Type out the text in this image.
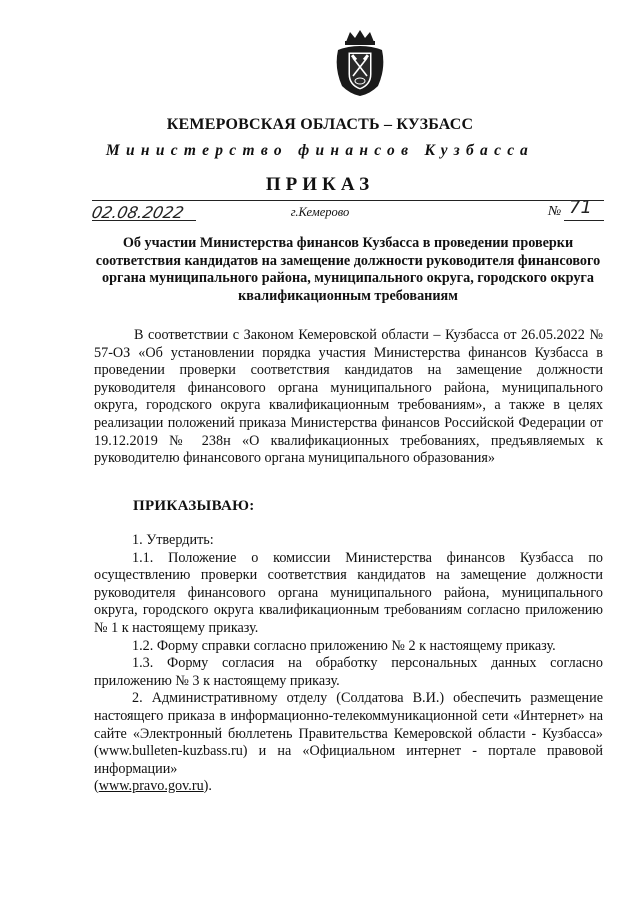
КЕМЕРОВСКАЯ ОБЛАСТЬ – КУЗБАСС
Министерство финансов Кузбасса
ПРИКАЗ
02.08.2022	г.Кемерово	№ 71
Об участии Министерства финансов Кузбасса в проведении проверки соответствия кандидатов на замещение должности руководителя финансового органа муниципального района, муниципального округа, городского округа квалификационным требованиям
В соответствии с Законом Кемеровской области – Кузбасса от 26.05.2022 № 57-ОЗ «Об установлении порядка участия Министерства финансов Кузбасса в проведении проверки соответствия кандидатов на замещение должности руководителя финансового органа муниципального района, муниципального округа, городского округа квалификационным требованиям», а также в целях реализации положений приказа Министерства финансов Российской Федерации от 19.12.2019 № 238н «О квалификационных требованиях, предъявляемых к руководителю финансового органа муниципального образования»
ПРИКАЗЫВАЮ:

1. Утвердить:

1.1. Положение о комиссии Министерства финансов Кузбасса по осуществлению проверки соответствия кандидатов на замещение должности руководителя финансового органа муниципального района, муниципального округа, городского округа квалификационным требованиям согласно приложению № 1 к настоящему приказу.

1.2. Форму справки согласно приложению № 2 к настоящему приказу.

1.3. Форму согласия на обработку персональных данных согласно приложению № 3 к настоящему приказу.

2. Административному отделу (Солдатова В.И.) обеспечить размещение настоящего приказа в информационно-телекоммуникационной сети «Интернет» на сайте «Электронный бюллетень Правительства Кемеровской области - Кузбасса» (www.bulleten-kuzbass.ru) и на «Официальном интернет - портале правовой информации»
(www.pravo.gov.ru).
